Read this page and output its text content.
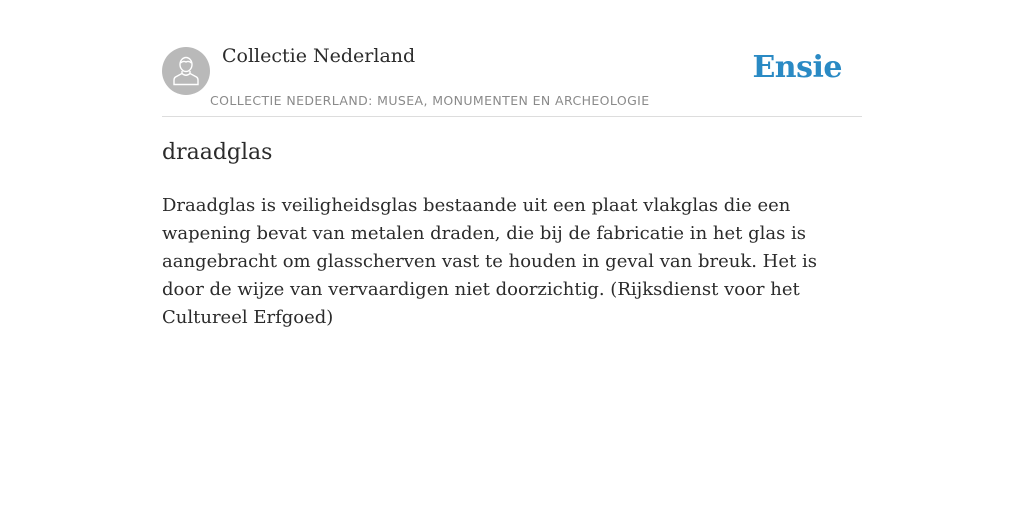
Collectie Nederland
COLLECTIE NEDERLAND: MUSEA, MONUMENTEN EN ARCHEOLOGIE
Ensie
draadglas

Draadglas is veiligheidsglas bestaande uit een plaat vlakglas die een wapening bevat van metalen draden, die bij de fabricatie in het glas is aangebracht om glasscherven vast te houden in geval van breuk. Het is door de wijze van vervaardigen niet doorzichtig. (Rijksdienst voor het Cultureel Erfgoed)
